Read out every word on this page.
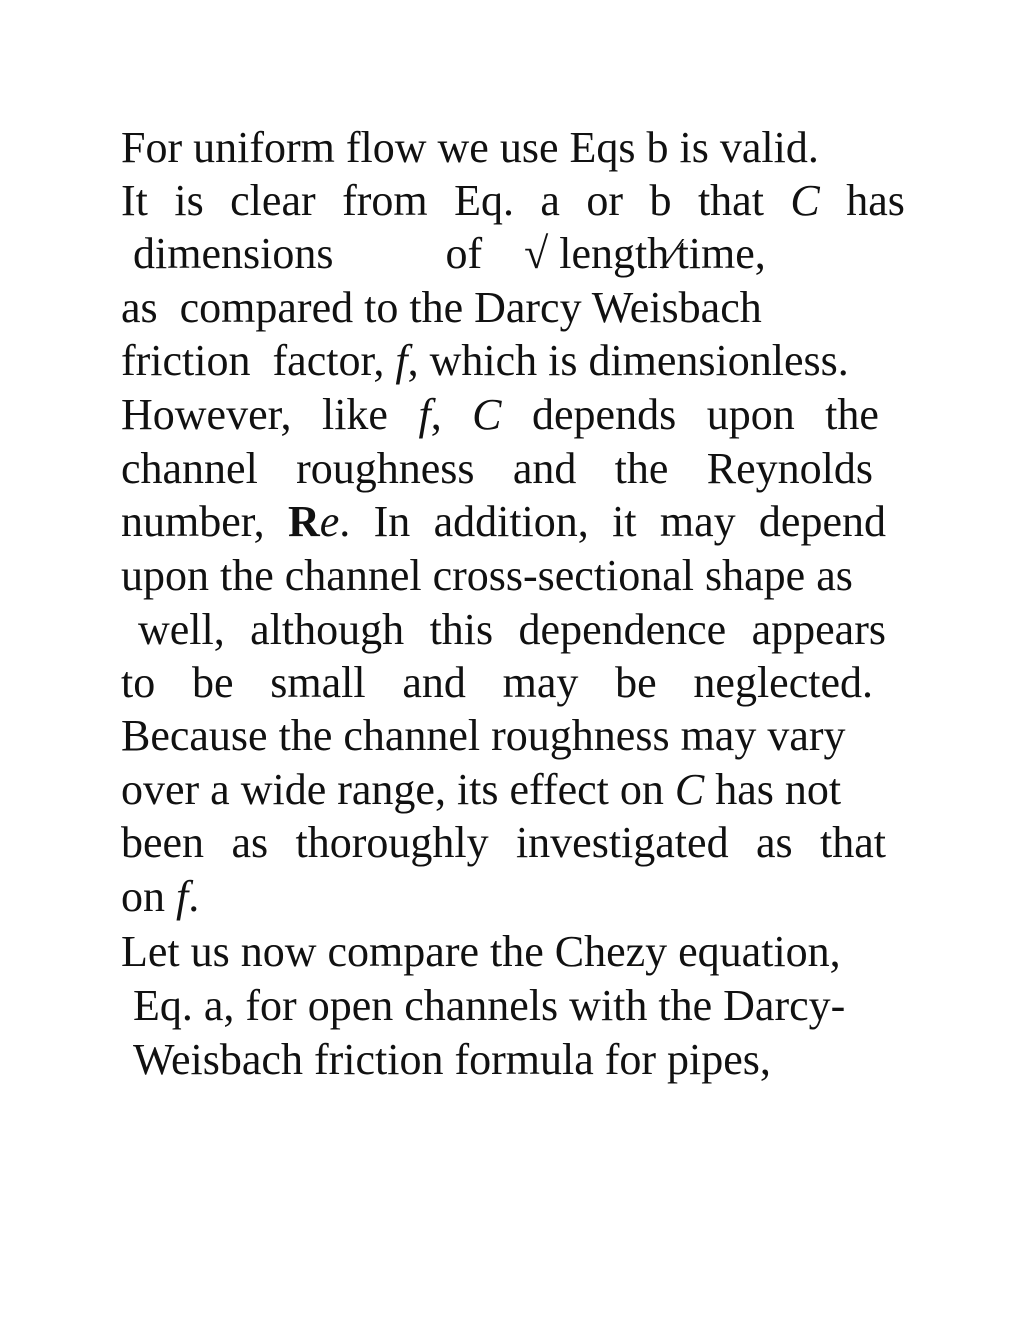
For uniform flow we use Eqs b is valid.
It is clear from Eq. a or b that C has
dimensions	of √ length⁄time,
as  compared to the Darcy Weisbach
friction  factor, f, which is dimensionless.
However, like f, C depends upon the
channel roughness and the Reynolds
number, Re. In addition, it may depend
upon the channel cross-sectional shape as
well, although this dependence appears
to be small and may be neglected.
Because the channel roughness may vary
over a wide range, its effect on C has not
been as thoroughly investigated as that
on f.
Let us now compare the Chezy equation,
Eq. a, for open channels with the Darcy-
Weisbach friction formula for pipes,
